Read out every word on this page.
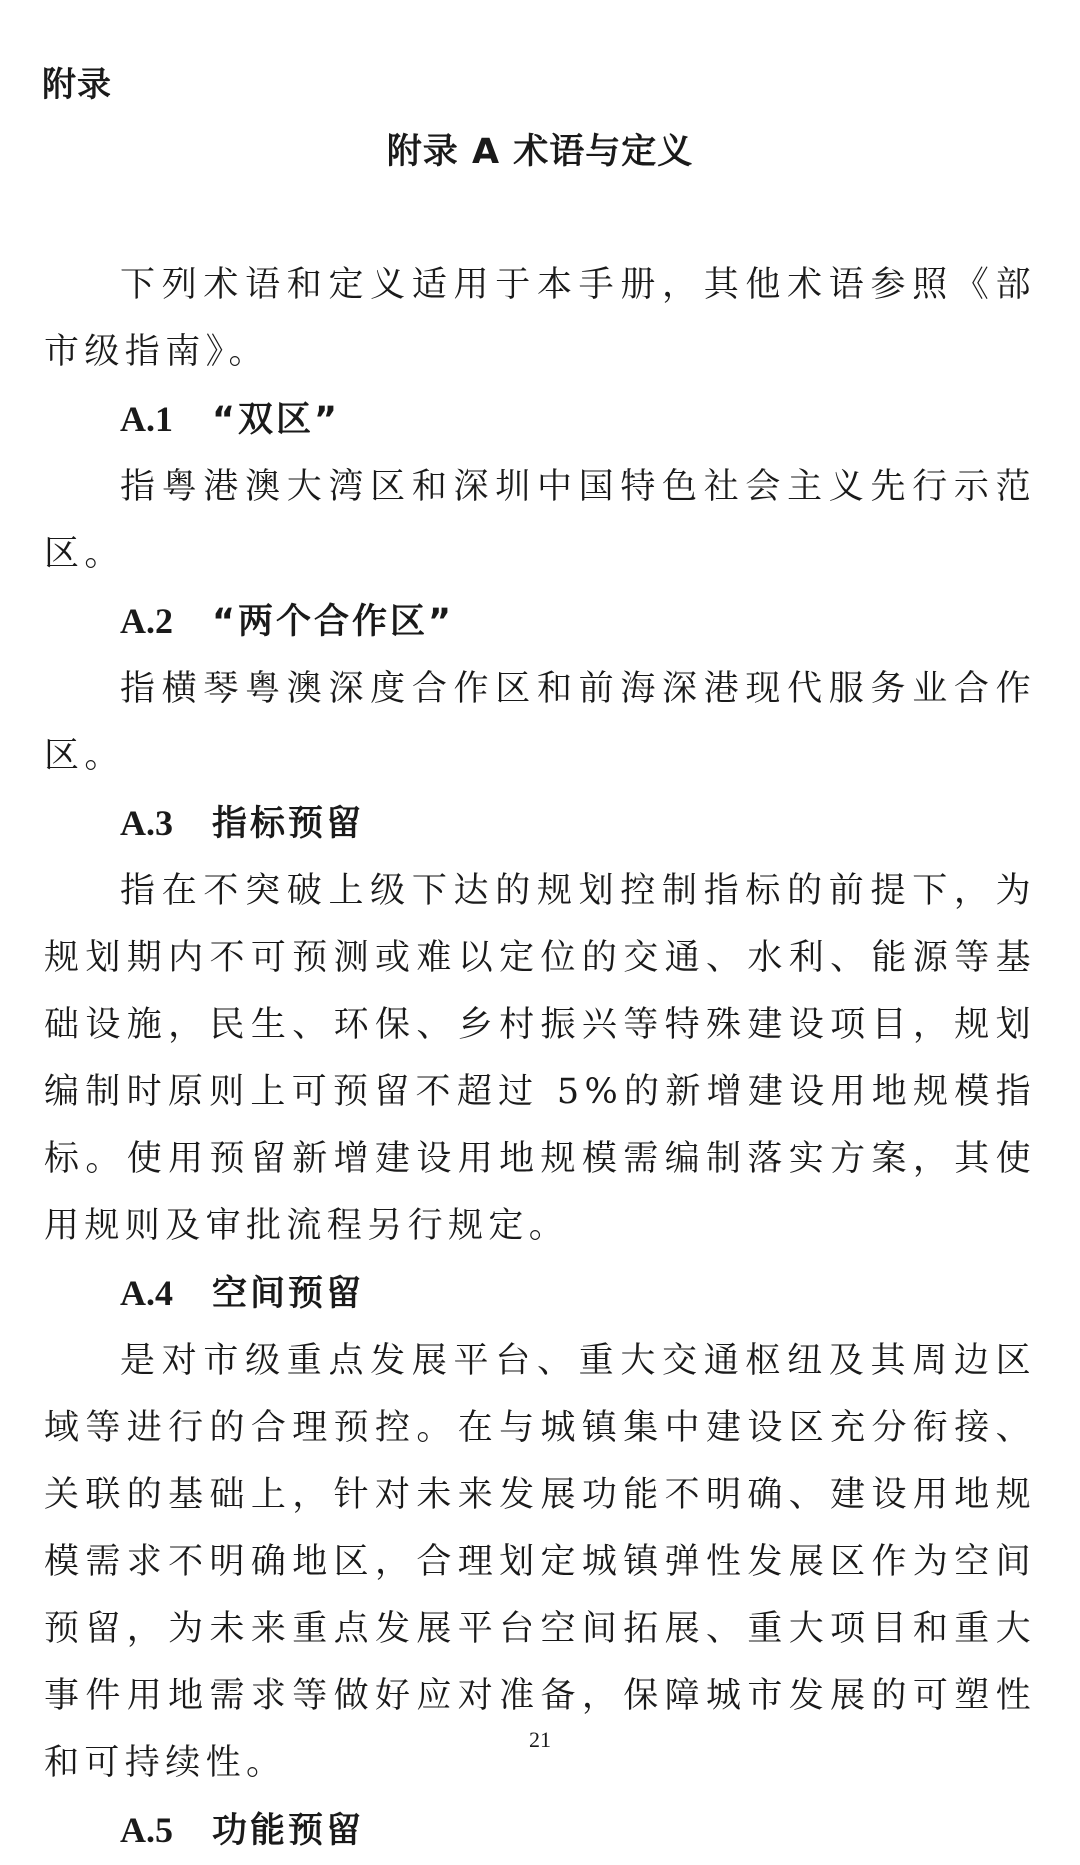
附录
附录 A 术语与定义

下列术语和定义适用于本手册，其他术语参照《部市级指南》。

A.1 “双区”

指粤港澳大湾区和深圳中国特色社会主义先行示范区。

A.2 “两个合作区”

指横琴粤澳深度合作区和前海深港现代服务业合作区。

A.3 指标预留

指在不突破上级下达的规划控制指标的前提下，为规划期内不可预测或难以定位的交通、水利、能源等基础设施，民生、环保、乡村振兴等特殊建设项目，规划编制时原则上可预留不超过 5%的新增建设用地规模指标。使用预留新增建设用地规模需编制落实方案，其使用规则及审批流程另行规定。

A.4 空间预留

是对市级重点发展平台、重大交通枢纽及其周边区域等进行的合理预控。在与城镇集中建设区充分衔接、关联的基础上，针对未来发展功能不明确、建设用地规模需求不明确地区，合理划定城镇弹性发展区作为空间预留，为未来重点发展平台空间拓展、重大项目和重大事件用地需求等做好应对准备，保障城市发展的可塑性和可持续性。

A.5 功能预留
21
